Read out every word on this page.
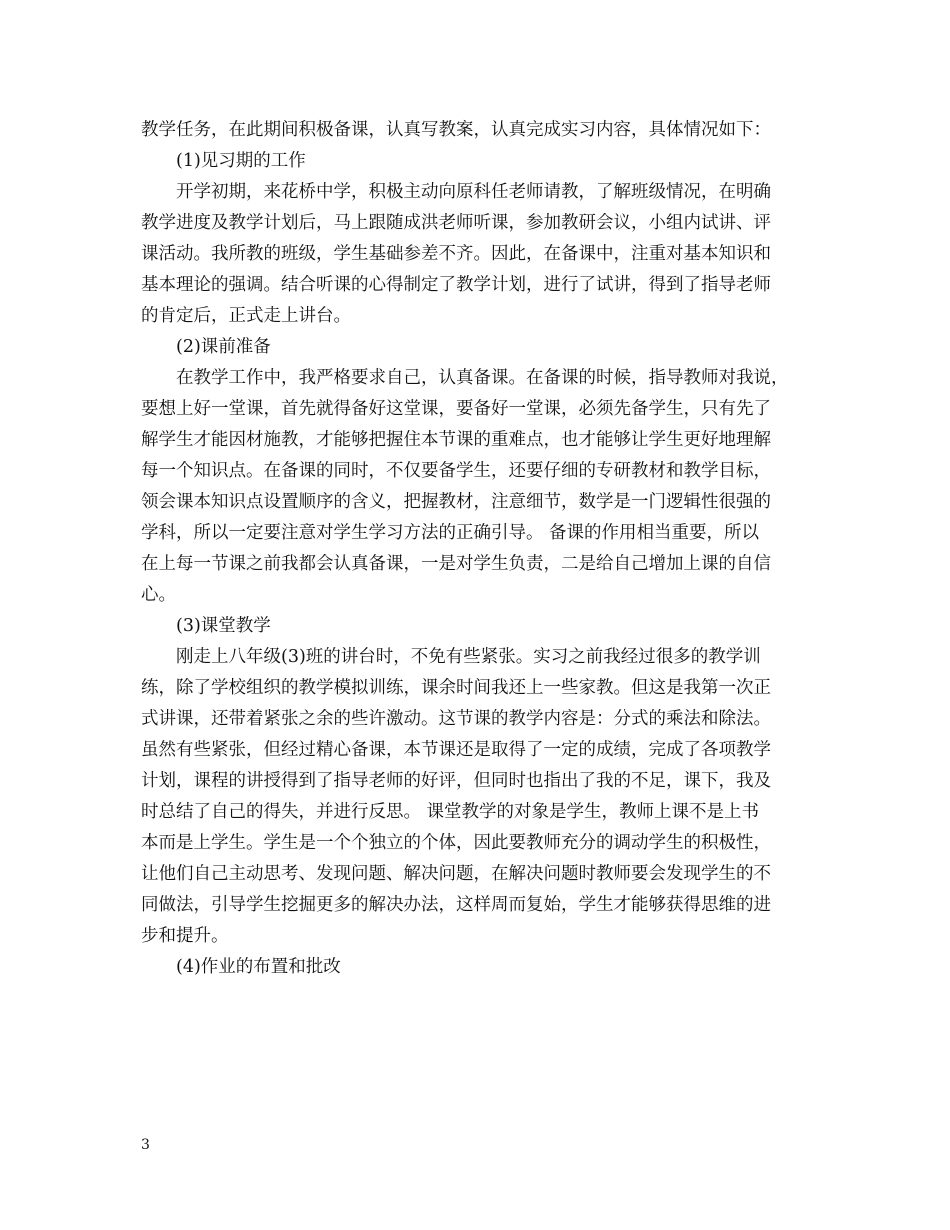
教学任务，在此期间积极备课，认真写教案，认真完成实习内容，具体情况如下：
(1)见习期的工作
开学初期，来花桥中学，积极主动向原科任老师请教，了解班级情况，在明确
教学进度及教学计划后，马上跟随成洪老师听课，参加教研会议，小组内试讲、评
课活动。我所教的班级，学生基础参差不齐。因此，在备课中，注重对基本知识和
基本理论的强调。结合听课的心得制定了教学计划，进行了试讲，得到了指导老师
的肯定后，正式走上讲台。
(2)课前准备
在教学工作中，我严格要求自己，认真备课。在备课的时候，指导教师对我说，
要想上好一堂课，首先就得备好这堂课，要备好一堂课，必须先备学生，只有先了
解学生才能因材施教，才能够把握住本节课的重难点，也才能够让学生更好地理解
每一个知识点。在备课的同时，不仅要备学生，还要仔细的专研教材和教学目标，
领会课本知识点设置顺序的含义，把握教材，注意细节，数学是一门逻辑性很强的
学科，所以一定要注意对学生学习方法的正确引导。 备课的作用相当重要，所以
在上每一节课之前我都会认真备课，一是对学生负责，二是给自己增加上课的自信
心。
(3)课堂教学
刚走上八年级(3)班的讲台时，不免有些紧张。实习之前我经过很多的教学训
练，除了学校组织的教学模拟训练，课余时间我还上一些家教。但这是我第一次正
式讲课，还带着紧张之余的些许激动。这节课的教学内容是：分式的乘法和除法。
虽然有些紧张，但经过精心备课，本节课还是取得了一定的成绩，完成了各项教学
计划，课程的讲授得到了指导老师的好评，但同时也指出了我的不足，课下，我及
时总结了自己的得失，并进行反思。 课堂教学的对象是学生，教师上课不是上书
本而是上学生。学生是一个个独立的个体，因此要教师充分的调动学生的积极性，
让他们自己主动思考、发现问题、解决问题，在解决问题时教师要会发现学生的不
同做法，引导学生挖掘更多的解决办法，这样周而复始，学生才能够获得思维的进
步和提升。
(4)作业的布置和批改
3
